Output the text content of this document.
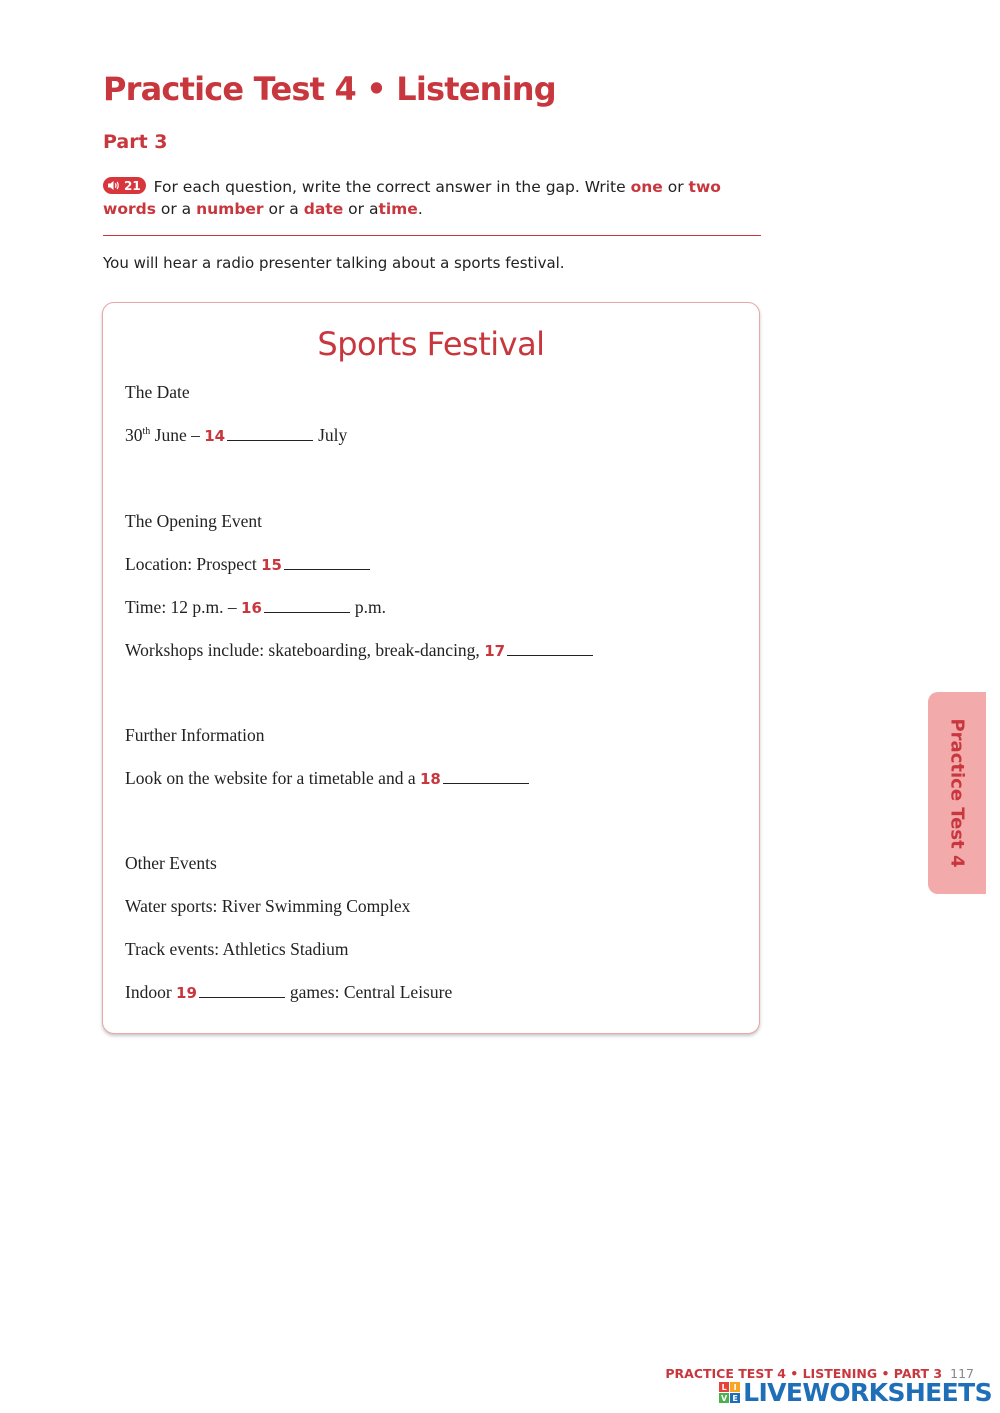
Practice Test 4 • Listening
Part 3
21 For each question, write the correct answer in the gap. Write one or two words or a number or a date or atime.
You will hear a radio presenter talking about a sports festival.
Sports Festival
The Date
30th June – 14	July
The Opening Event
Location: Prospect 15
Time: 12 p.m. – 16	p.m.
Workshops include: skateboarding, break-dancing, 17
Further Information
Look on the website for a timetable and a 18
Other Events
Water sports: River Swimming Complex
Track events: Athletics Stadium
Indoor 19	games: Central Leisure
Practice Test 4
PRACTICE TEST 4 • LISTENING • PART 3 117
L I
V E LIVEWORKSHEETS
